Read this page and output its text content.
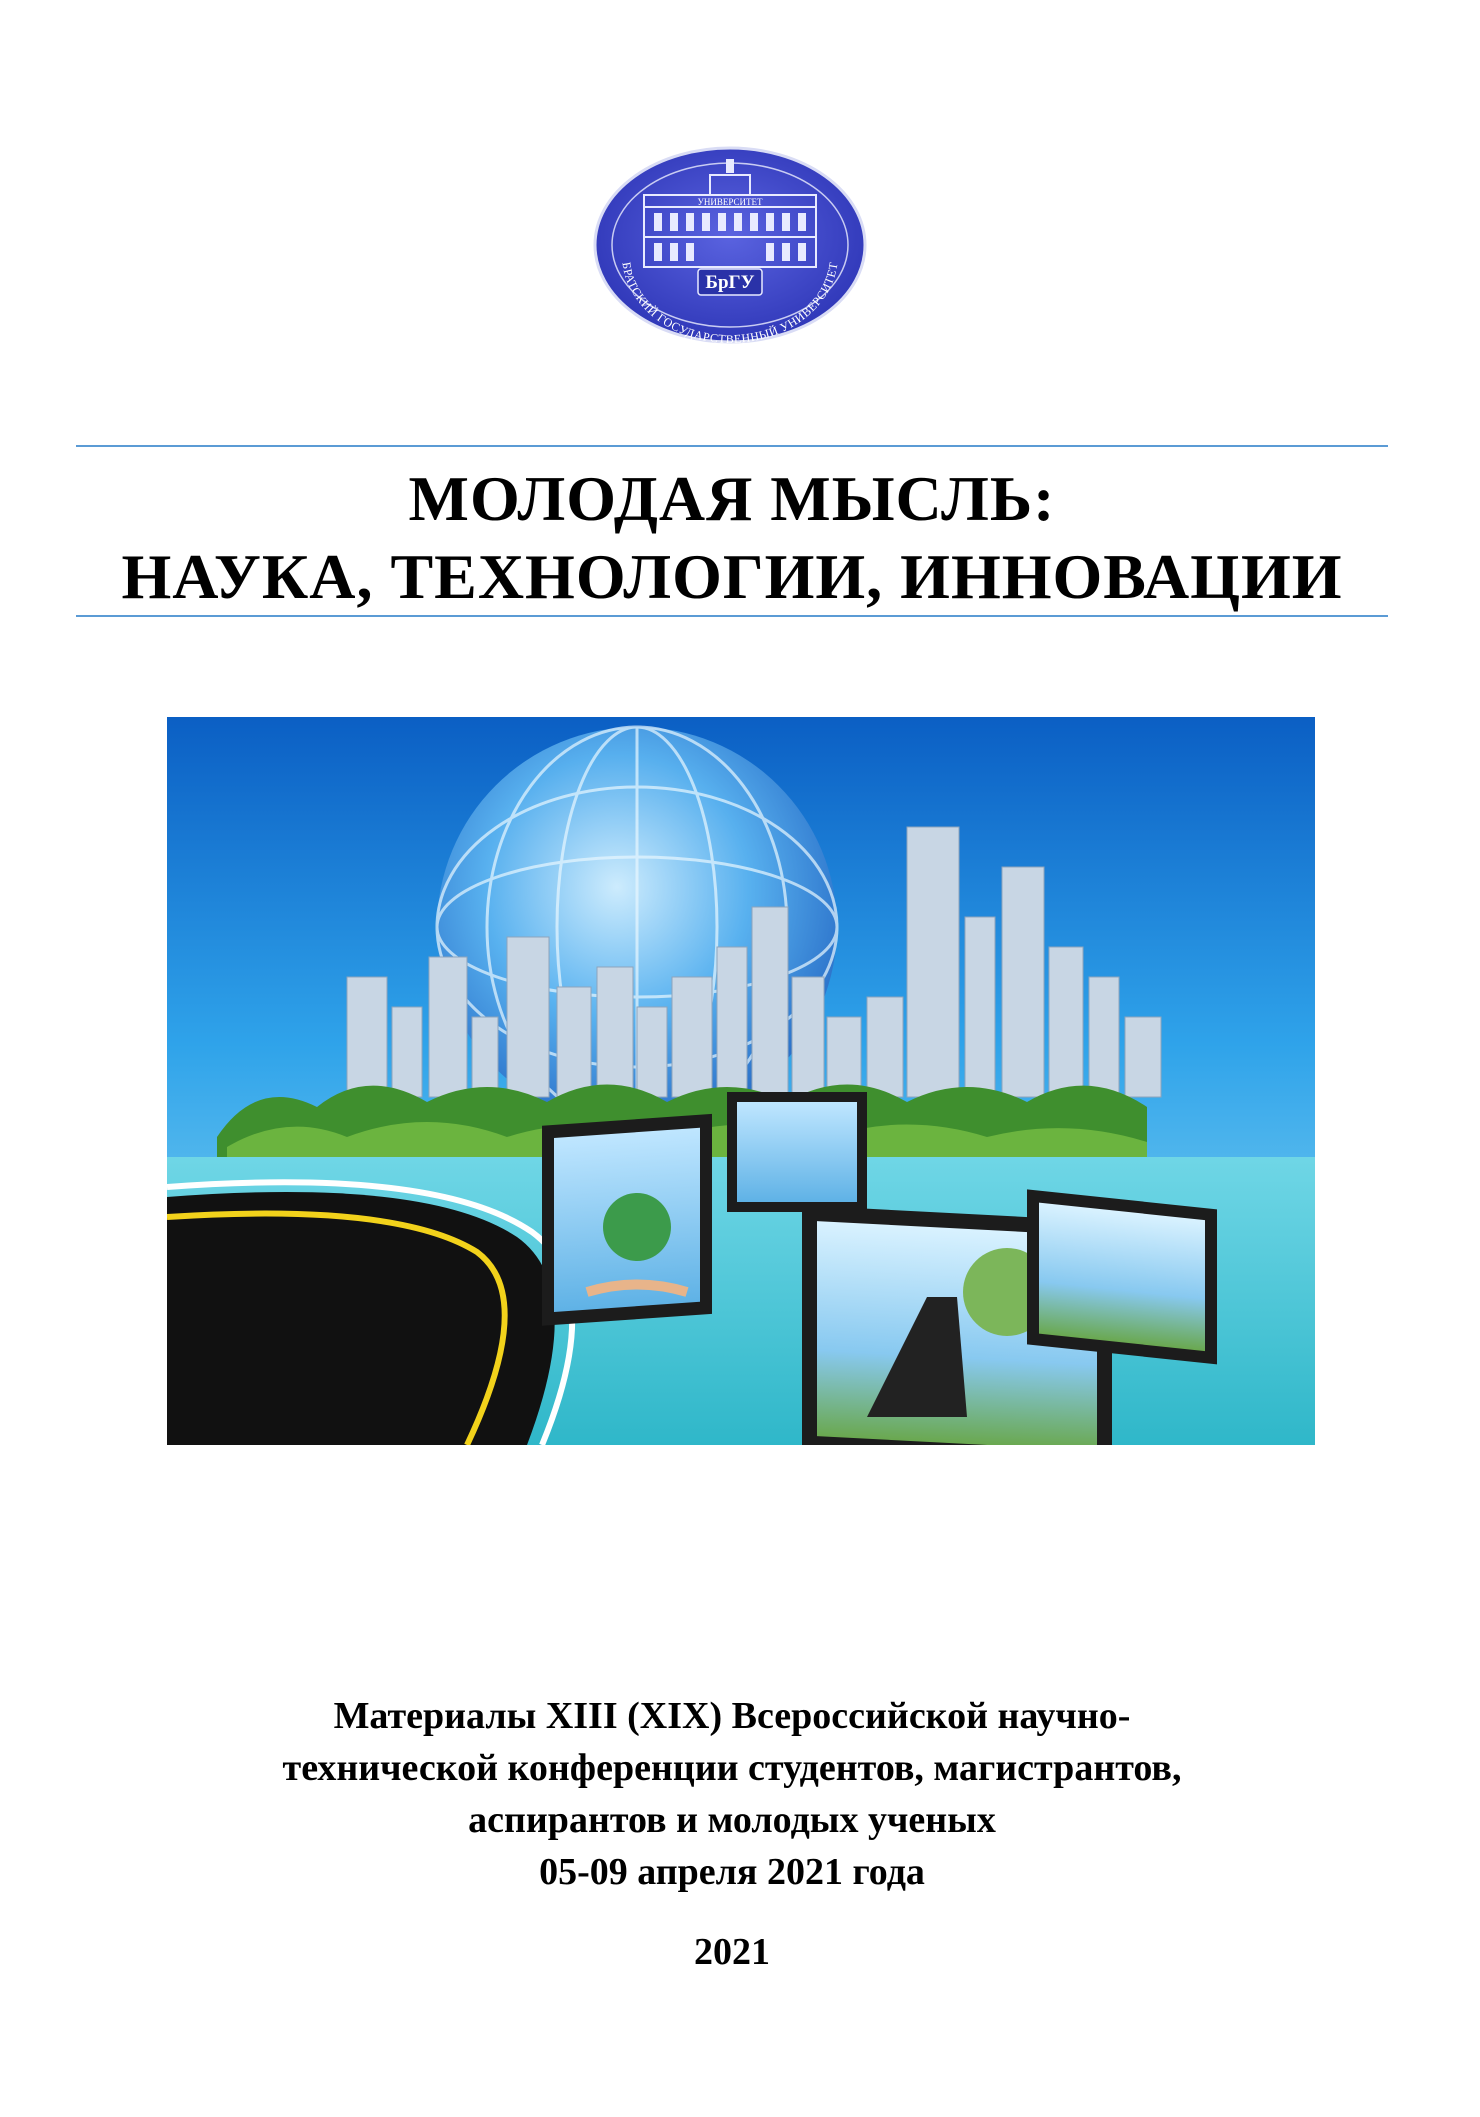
УНИВЕРСИТЕТ
БрГУ
БРАТСКИЙ ГОСУДАРСТВЕННЫЙ УНИВЕРСИТЕТ
МОЛОДАЯ МЫСЛЬ:
НАУКА, ТЕХНОЛОГИИ, ИННОВАЦИИ
Материалы XIII (XIX) Всероссийской научно-
технической конференции студентов, магистрантов,
аспирантов и молодых ученых
05-09 апреля 2021 года
2021
